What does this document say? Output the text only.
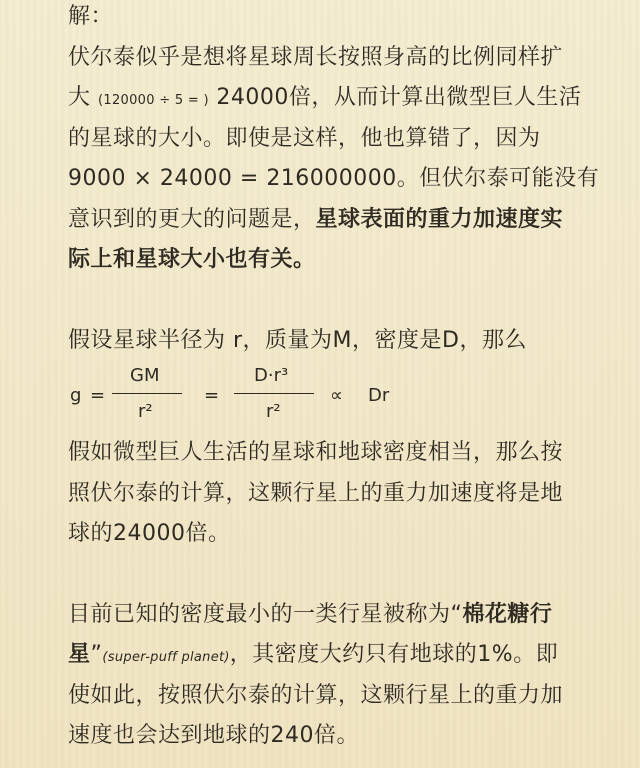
解：
伏尔泰似乎是想将星球周长按照身高的比例同样扩
大 (120000 ÷ 5 = ) 24000倍，从而计算出微型巨人生活
的星球的大小。即使是这样，他也算错了，因为
9000 × 24000 = 216000000。但伏尔泰可能没有
意识到的更大的问题是，星球表面的重力加速度实
际上和星球大小也有关。
假设星球半径为 r，质量为M，密度是D，那么
g =
GM
r²
=
D·r³
r²
∝ Dr
假如微型巨人生活的星球和地球密度相当，那么按
照伏尔泰的计算，这颗行星上的重力加速度将是地
球的24000倍。
目前已知的密度最小的一类行星被称为“棉花糖行
星”(super-puff planet)，其密度大约只有地球的1%。即
使如此，按照伏尔泰的计算，这颗行星上的重力加
速度也会达到地球的240倍。
